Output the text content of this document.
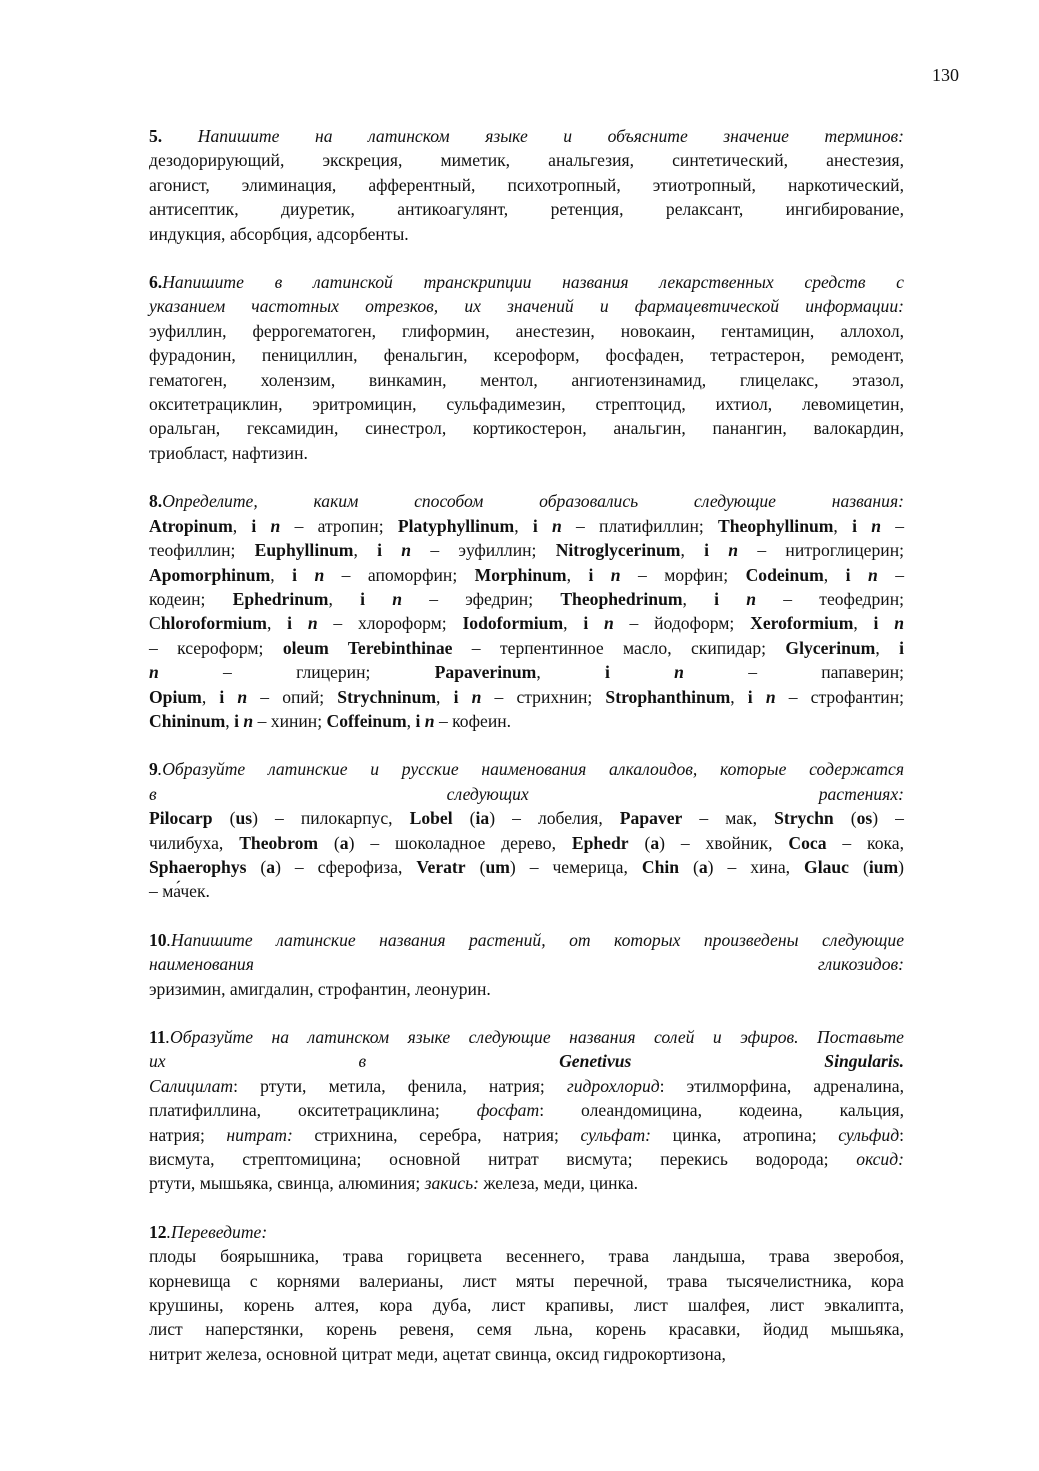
130
5. Напишите на латинском языке и объясните значение терминов:
дезодорирующий, экскреция, миметик, анальгезия, синтетический, анестезия,
агонист, элиминация, афферентный, психотропный, этиотропный, наркотический,
антисептик, диуретик, антикоагулянт, ретенция, релаксант, ингибирование,
индукция, абсорбция, адсорбенты.
6.Напишите в латинской транскрипции названия лекарственных средств с
указанием частотных отрезков, их значений и фармацевтической информации:
эуфиллин, феррогематоген, глиформин, анестезин, новокаин, гентамицин, аллохол,
фурадонин, пенициллин, фенальгин, ксероформ, фосфаден, тетрастерон, ремодент,
гематоген, холензим, винкамин, ментол, ангиотензинамид, глицелакс, этазол,
окситетрациклин, эритромицин, сульфадимезин, стрептоцид, ихтиол, левомицетин,
оральган, гексамидин, синестрол, кортикостерон, анальгин, панангин, валокардин,
триобласт, нафтизин.
8.Определите, каким способом образовались следующие названия:
Atropinum, i n – атропин; Platyphyllinum, i n – платифиллин; Theophyllinum, i n –
теофиллин; Euphyllinum, i n – эуфиллин; Nitroglycerinum, i n – нитроглицерин;
Apomorphinum, i n – апоморфин; Morphinum, i n – морфин; Codeinum, i n –
кодеин; Ephedrinum, i n – эфедрин; Theophedrinum, i n – теофедрин;
Chloroformium, i n – хлороформ; Iodoformium, i n – йодоформ; Xeroformium, i n
– ксероформ; oleum Terebinthinae – терпентинное масло, скипидар; Glycerinum, i
n – глицерин; Papaverinum, i	n – папаверин;
Opium, i n – опий; Strychninum, i n – стрихнин; Strophanthinum, i n – строфантин;
Chininum, i n – хинин; Coffeinum, i n – кофеин.
9.Образуйте латинские и русские наименования алкалоидов, которые содержатся
в следующих растениях:
Pilocarp (us) – пилокарпус, Lobel (ia) – лобелия, Papaver – мак, Strychn (os) –
чилибуха, Theobrom (a) – шоколадное дерево, Ephedr (a) – хвойник, Coca – кока,
Sphaerophys (a) – сферофиза, Veratr (um) – чемерица, Chin (a) – хина, Glauc (ium)
– ма́чек.
10.Напишите латинские названия растений, от которых произведены следующие
наименования гликозидов:
эризимин, амигдалин, строфантин, леонурин.
11.Образуйте на латинском языке следующие названия солей и эфиров. Поставьте
их в Genetivus Singularis.
Салицилат: ртути, метила, фенила, натрия; гидрохлорид: этилморфина, адреналина,
платифиллина, окситетрациклина; фосфат: олеандомицина, кодеина, кальция,
натрия; нитрат: стрихнина, серебра, натрия; сульфат: цинка, атропина; сульфид:
висмута, стрептомицина; основной нитрат висмута; перекись водорода; оксид:
ртути, мышьяка, свинца, алюминия; закись: железа, меди, цинка.
12.Переведите:
плоды боярышника, трава горицвета весеннего, трава ландыша, трава зверобоя,
корневища с корнями валерианы, лист мяты перечной, трава тысячелистника, кора
крушины, корень алтея, кора дуба, лист крапивы, лист шалфея, лист эвкалипта,
лист наперстянки, корень ревеня, семя льна, корень красавки, йодид мышьяка,
нитрит железа, основной цитрат меди, ацетат свинца, оксид гидрокортизона,
